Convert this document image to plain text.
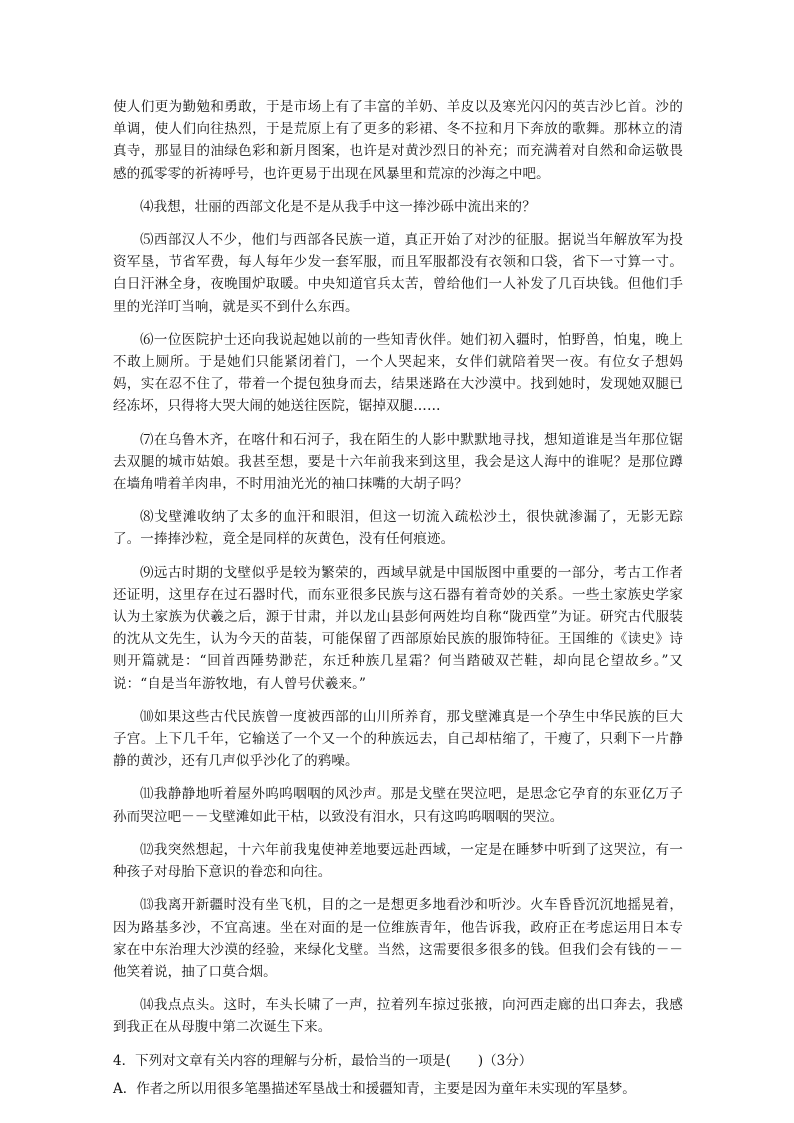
使人们更为勤勉和勇敢，于是市场上有了丰富的羊奶、羊皮以及寒光闪闪的英吉沙匕首。沙的单调，使人们向往热烈，于是荒原上有了更多的彩裙、冬不拉和月下奔放的歌舞。那林立的清真寺，那显目的油绿色彩和新月图案，也许是对黄沙烈日的补充；而充满着对自然和命运敬畏感的孤零零的祈祷呼号，也许更易于出现在风暴里和荒凉的沙海之中吧。

⑷我想，壮丽的西部文化是不是从我手中这一捧沙砾中流出来的？

⑸西部汉人不少，他们与西部各民族一道，真正开始了对沙的征服。据说当年解放军为投资军垦，节省军费，每人每年少发一套军服，而且军服都没有衣领和口袋，省下一寸算一寸。白日汗淋全身，夜晚围炉取暖。中央知道官兵太苦，曾给他们一人补发了几百块钱。但他们手里的光洋叮当响，就是买不到什么东西。

⑹一位医院护士还向我说起她以前的一些知青伙伴。她们初入疆时，怕野兽，怕鬼，晚上不敢上厕所。于是她们只能紧闭着门，一个人哭起来，女伴们就陪着哭一夜。有位女子想妈妈，实在忍不住了，带着一个提包独身而去，结果迷路在大沙漠中。找到她时，发现她双腿已经冻坏，只得将大哭大闹的她送往医院，锯掉双腿……

⑺在乌鲁木齐，在喀什和石河子，我在陌生的人影中默默地寻找，想知道谁是当年那位锯去双腿的城市姑娘。我甚至想，要是十六年前我来到这里，我会是这人海中的谁呢？是那位蹲在墙角啃着羊肉串，不时用油光光的袖口抹嘴的大胡子吗？

⑻戈壁滩收纳了太多的血汗和眼泪，但这一切流入疏松沙土，很快就渗漏了，无影无踪了。一捧捧沙粒，竟全是同样的灰黄色，没有任何痕迹。

⑼远古时期的戈壁似乎是较为繁荣的，西域早就是中国版图中重要的一部分，考古工作者还证明，这里存在过石器时代，而东亚很多民族与这石器有着奇妙的关系。一些土家族史学家认为土家族为伏羲之后，源于甘肃，并以龙山县彭何两姓均自称“陇西堂”为证。研究古代服装的沈从文先生，认为今天的苗装，可能保留了西部原始民族的服饰特征。王国维的《读史》诗则开篇就是：“回首西陲势渺茫，东迁种族几星霜？何当踏破双芒鞋，却向昆仑望故乡。”又说：“自是当年游牧地，有人曾号伏羲来。”

⑽如果这些古代民族曾一度被西部的山川所养育，那戈壁滩真是一个孕生中华民族的巨大子宫。上下几千年，它输送了一个又一个的种族远去，自己却枯缩了，干瘦了，只剩下一片静静的黄沙，还有几声似乎沙化了的鸦噪。

⑾我静静地听着屋外呜呜咽咽的风沙声。那是戈壁在哭泣吧，是思念它孕育的东亚亿万子孙而哭泣吧－－戈壁滩如此干枯，以致没有泪水，只有这呜呜咽咽的哭泣。

⑿我突然想起，十六年前我鬼使神差地要远赴西域，一定是在睡梦中听到了这哭泣，有一种孩子对母胎下意识的眷恋和向往。

⒀我离开新疆时没有坐飞机，目的之一是想更多地看沙和听沙。火车昏昏沉沉地摇晃着，因为路基多沙，不宜高速。坐在对面的是一位维族青年，他告诉我，政府正在考虑运用日本专家在中东治理大沙漠的经验，来绿化戈壁。当然，这需要很多很多的钱。但我们会有钱的－－他笑着说，抽了口莫合烟。

⒁我点点头。这时，车头长啸了一声，拉着列车掠过张掖，向河西走廊的出口奔去，我感到我正在从母腹中第二次诞生下来。

4．下列对文章有关内容的理解与分析，最恰当的一项是(　　)（3分）

A．作者之所以用很多笔墨描述军垦战士和援疆知青，主要是因为童年未实现的军垦梦。
